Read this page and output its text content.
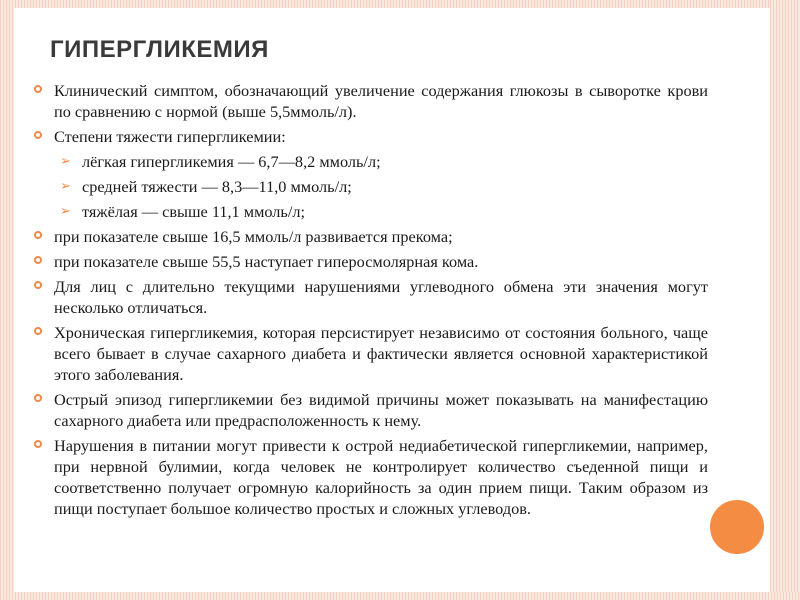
ГИПЕРГЛИКЕМИЯ
Клинический симптом, обозначающий увеличение содержания глюкозы в сыворотке крови по сравнению с нормой (выше 5,5ммоль/л).
Степени тяжести гипергликемии:
➢ лёгкая гипергликемия — 6,7—8,2 ммоль/л;
➢ средней тяжести — 8,3—11,0 ммоль/л;
➢ тяжёлая — свыше 11,1 ммоль/л;
при показателе свыше 16,5 ммоль/л развивается прекома;
при показателе свыше 55,5 наступает гиперосмолярная кома.
Для лиц с длительно текущими нарушениями углеводного обмена эти значения могут несколько отличаться.
Хроническая гипергликемия, которая персистирует независимо от состояния больного, чаще всего бывает в случае сахарного диабета и фактически является основной характеристикой этого заболевания.
Острый эпизод гипергликемии без видимой причины может показывать на манифестацию сахарного диабета или предрасположенность к нему.
Нарушения в питании могут привести к острой недиабетической гипергликемии, например, при нервной булимии, когда человек не контролирует количество съеденной пищи и соответственно получает огромную калорийность за один прием пищи. Таким образом из пищи поступает большое количество простых и сложных углеводов.
